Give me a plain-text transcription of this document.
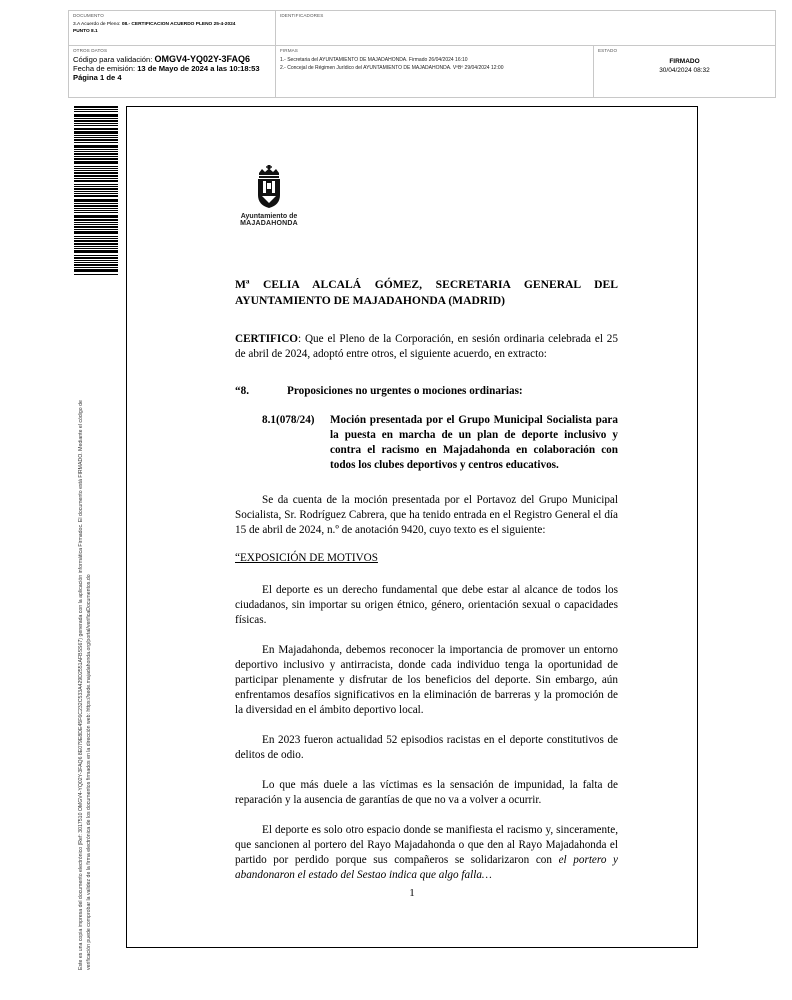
DOCUMENTO
3.A Acuerdo de Pleno: 08.- CERTIFICACION ACUERDO PLENO 25-4-2024
PUNTO 8.1
IDENTIFICADORES
OTROS DATOS
Código para validación: OMGV4-YQ02Y-3FAQ6
Fecha de emisión: 13 de Mayo de 2024 a las 10:18:53
Página 1 de 4
FIRMAS
1.- Secretaria del AYUNTAMIENTO DE MAJADAHONDA. Firmado 26/04/2024 16:10
2.- Concejal de Régimen Jurídico del AYUNTAMIENTO DE MAJADAHONDA. VºBº 29/04/2024 12:00
ESTADO
FIRMADO
30/04/2024 08:32
Este es una copia impresa del documento electrónico (Ref: 3017510 OMGV4-YQ02Y-3FAQ6 8E079E8DE45F6C232C533A429D2551AFBSS67) generada con la aplicación informática Firmadoc. El documento está FIRMADO. Mediante el código de verificación puede comprobar la validez de la firma electrónica de los documentos firmados en la dirección web: https://sede.majadahonda.org/portal/verificaDocumentos.do
Ayuntamiento de
MAJADAHONDA

Mª CELIA ALCALÁ GÓMEZ, SECRETARIA GENERAL DEL AYUNTAMIENTO DE MAJADAHONDA (MADRID)

CERTIFICO: Que el Pleno de la Corporación, en sesión ordinaria celebrada el 25 de abril de 2024, adoptó entre otros, el siguiente acuerdo, en extracto:

“8.	Proposiciones no urgentes o mociones ordinarias:

8.1(078/24)	Moción presentada por el Grupo Municipal Socialista para la puesta en marcha de un plan de deporte inclusivo y contra el racismo en Majadahonda en colaboración con todos los clubes deportivos y centros educativos.

Se da cuenta de la moción presentada por el Portavoz del Grupo Municipal Socialista, Sr. Rodríguez Cabrera, que ha tenido entrada en el Registro General el día 15 de abril de 2024, n.º de anotación 9420, cuyo texto es el siguiente:

“EXPOSICIÓN DE MOTIVOS

El deporte es un derecho fundamental que debe estar al alcance de todos los ciudadanos, sin importar su origen étnico, género, orientación sexual o capacidades físicas.

En Majadahonda, debemos reconocer la importancia de promover un entorno deportivo inclusivo y antirracista, donde cada individuo tenga la oportunidad de participar plenamente y disfrutar de los beneficios del deporte. Sin embargo, aún enfrentamos desafíos significativos en la eliminación de barreras y la promoción de la diversidad en el ámbito deportivo local.

En 2023 fueron actualidad 52 episodios racistas en el deporte constitutivos de delitos de odio.

Lo que más duele a las víctimas es la sensación de impunidad, la falta de reparación y la ausencia de garantías de que no va a volver a ocurrir.

El deporte es solo otro espacio donde se manifiesta el racismo y, sinceramente, que sancionen al portero del Rayo Majadahonda o que den al Rayo Majadahonda el partido por perdido porque sus compañeros se solidarizaron con el portero y abandonaron el estado del Sestao indica que algo falla…

1
